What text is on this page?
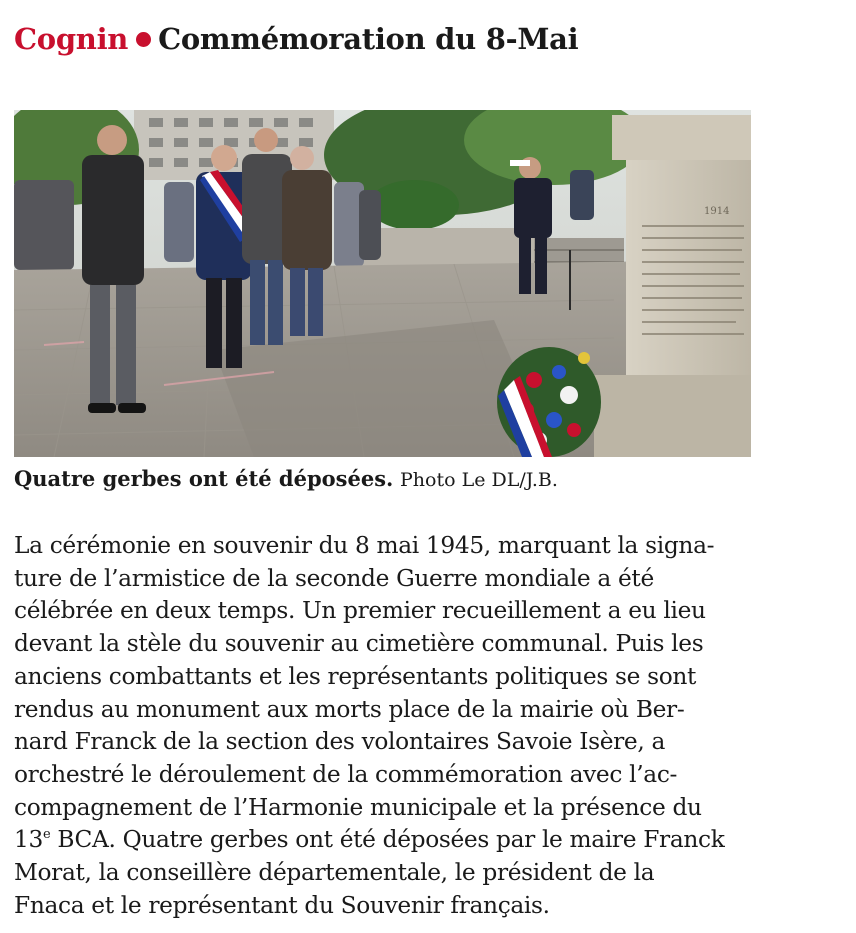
Cognin Commémoration du 8-Mai
1914
Quatre gerbes ont été déposées. Photo Le DL/J.B.
La cérémonie en souvenir du 8 mai 1945, marquant la signa-
ture de l’armistice de la seconde Guerre mondiale a été
célébrée en deux temps. Un premier recueillement a eu lieu
devant la stèle du souvenir au cimetière communal. Puis les
anciens combattants et les représentants politiques se sont
rendus au monument aux morts place de la mairie où Ber-
nard Franck de la section des volontaires Savoie Isère, a
orchestré le déroulement de la commémoration avec l’ac-
compagnement de l’Harmonie municipale et la présence du
13e BCA. Quatre gerbes ont été déposées par le maire Franck
Morat, la conseillère départementale, le président de la
Fnaca et le représentant du Souvenir français.
